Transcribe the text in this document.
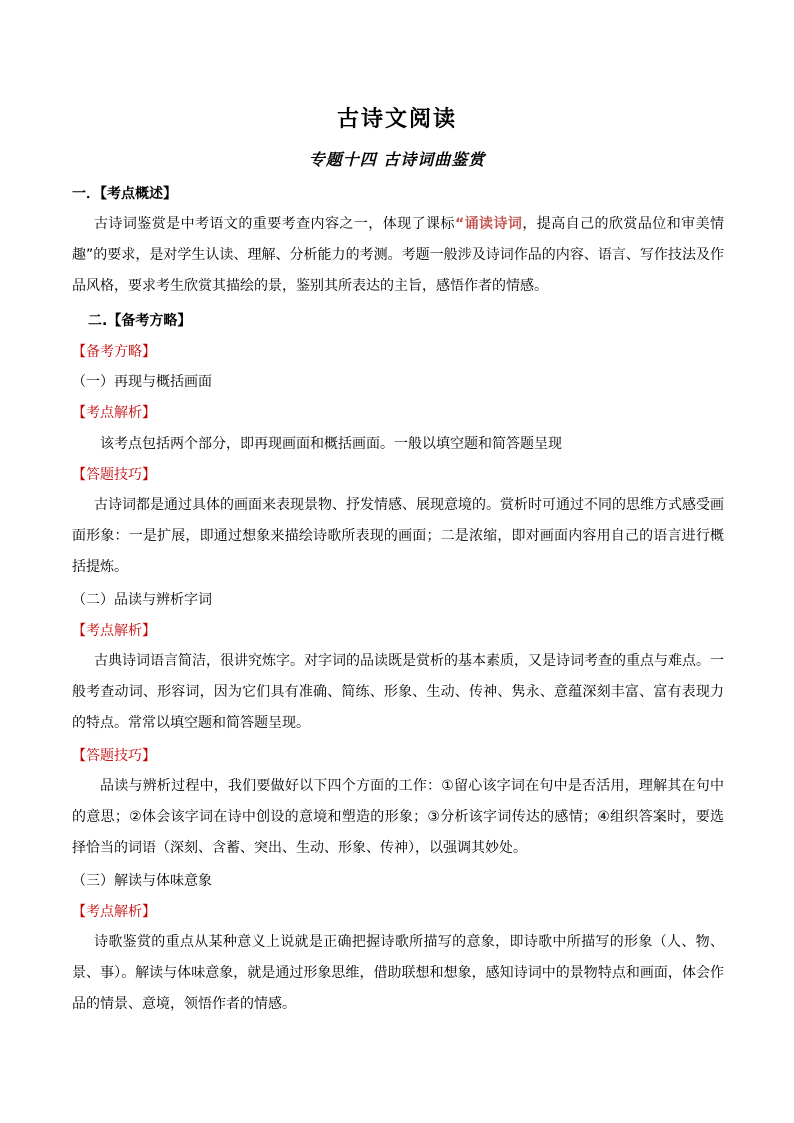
古诗文阅读
专题十四 古诗词曲鉴赏
一．【考点概述】
古诗词鉴赏是中考语文的重要考查内容之一，体现了课标“诵读诗词，提高自己的欣赏品位和审美情趣”的要求，是对学生认读、理解、分析能力的考测。考题一般涉及诗词作品的内容、语言、写作技法及作品风格，要求考生欣赏其描绘的景，鉴别其所表达的主旨，感悟作者的情感。
二.【备考方略】
【备考方略】
（一）再现与概括画面
【考点解析】
该考点包括两个部分，即再现画面和概括画面。一般以填空题和简答题呈现
【答题技巧】
古诗词都是通过具体的画面来表现景物、抒发情感、展现意境的。赏析时可通过不同的思维方式感受画面形象：一是扩展，即通过想象来描绘诗歌所表现的画面；二是浓缩，即对画面内容用自己的语言进行概括提炼。
（二）品读与辨析字词
【考点解析】
古典诗词语言简洁，很讲究炼字。对字词的品读既是赏析的基本素质，又是诗词考查的重点与难点。一般考查动词、形容词，因为它们具有准确、简练、形象、生动、传神、隽永、意蕴深刻丰富、富有表现力的特点。常常以填空题和简答题呈现。
【答题技巧】
品读与辨析过程中，我们要做好以下四个方面的工作：①留心该字词在句中是否活用，理解其在句中的意思；②体会该字词在诗中创设的意境和塑造的形象；③分析该字词传达的感情；④组织答案时，要选择恰当的词语（深刻、含蓄、突出、生动、形象、传神），以强调其妙处。
（三）解读与体味意象
【考点解析】
诗歌鉴赏的重点从某种意义上说就是正确把握诗歌所描写的意象，即诗歌中所描写的形象（人、物、景、事）。解读与体味意象，就是通过形象思维，借助联想和想象，感知诗词中的景物特点和画面，体会作品的情景、意境，领悟作者的情感。
